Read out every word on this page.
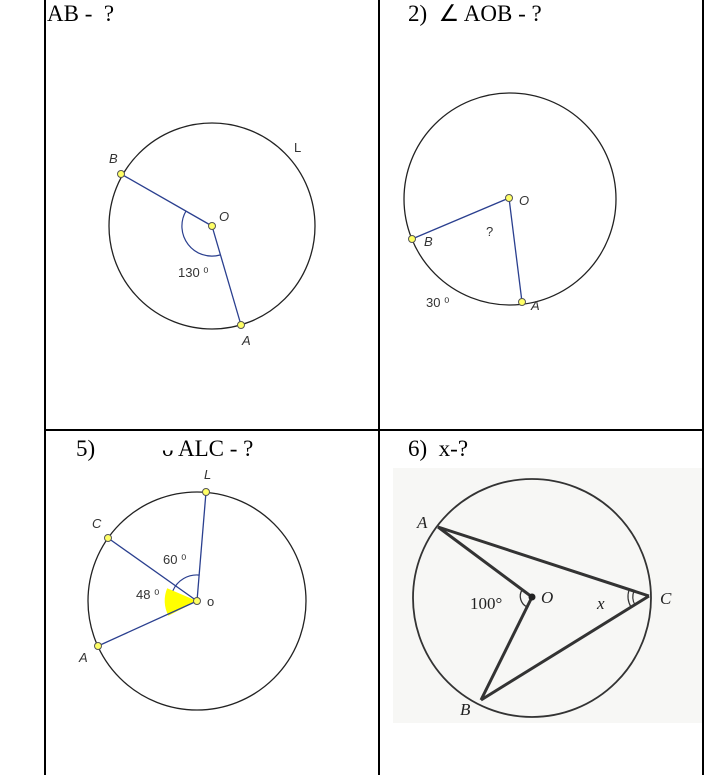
AB -  ?	2)  ∠ AOB - ?
5)	ᴗ ALC - ?	6)  x-?
B
O
A
L
130 ⁰
O
B
A
?
30 ⁰
L
C
o
A
60 ⁰
48 ⁰
A
O	C
B
100°	x
